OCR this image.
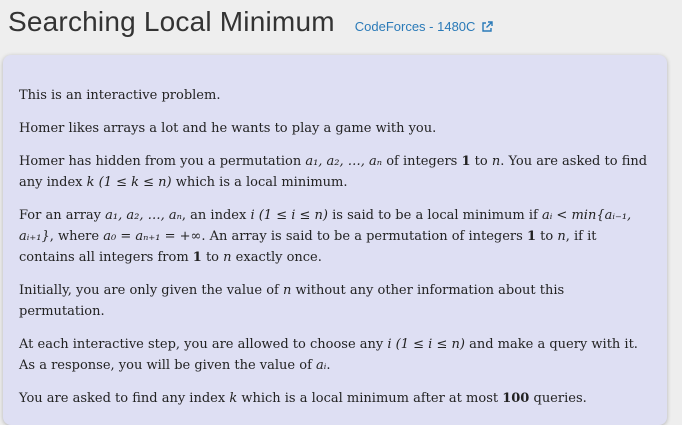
Searching Local Minimum CodeForces - 1480C

This is an interactive problem.

Homer likes arrays a lot and he wants to play a game with you.

Homer has hidden from you a permutation a₁, a₂, …, aₙ of integers 1 to n. You are asked to find any index k (1 ≤ k ≤ n) which is a local minimum.

For an array a₁, a₂, …, aₙ, an index i (1 ≤ i ≤ n) is said to be a local minimum if aᵢ < min{aᵢ₋₁, aᵢ₊₁}, where a₀ = aₙ₊₁ = +∞. An array is said to be a permutation of integers 1 to n, if it contains all integers from 1 to n exactly once.

Initially, you are only given the value of n without any other information about this permutation.

At each interactive step, you are allowed to choose any i (1 ≤ i ≤ n) and make a query with it. As a response, you will be given the value of aᵢ.

You are asked to find any index k which is a local minimum after at most 100 queries.
